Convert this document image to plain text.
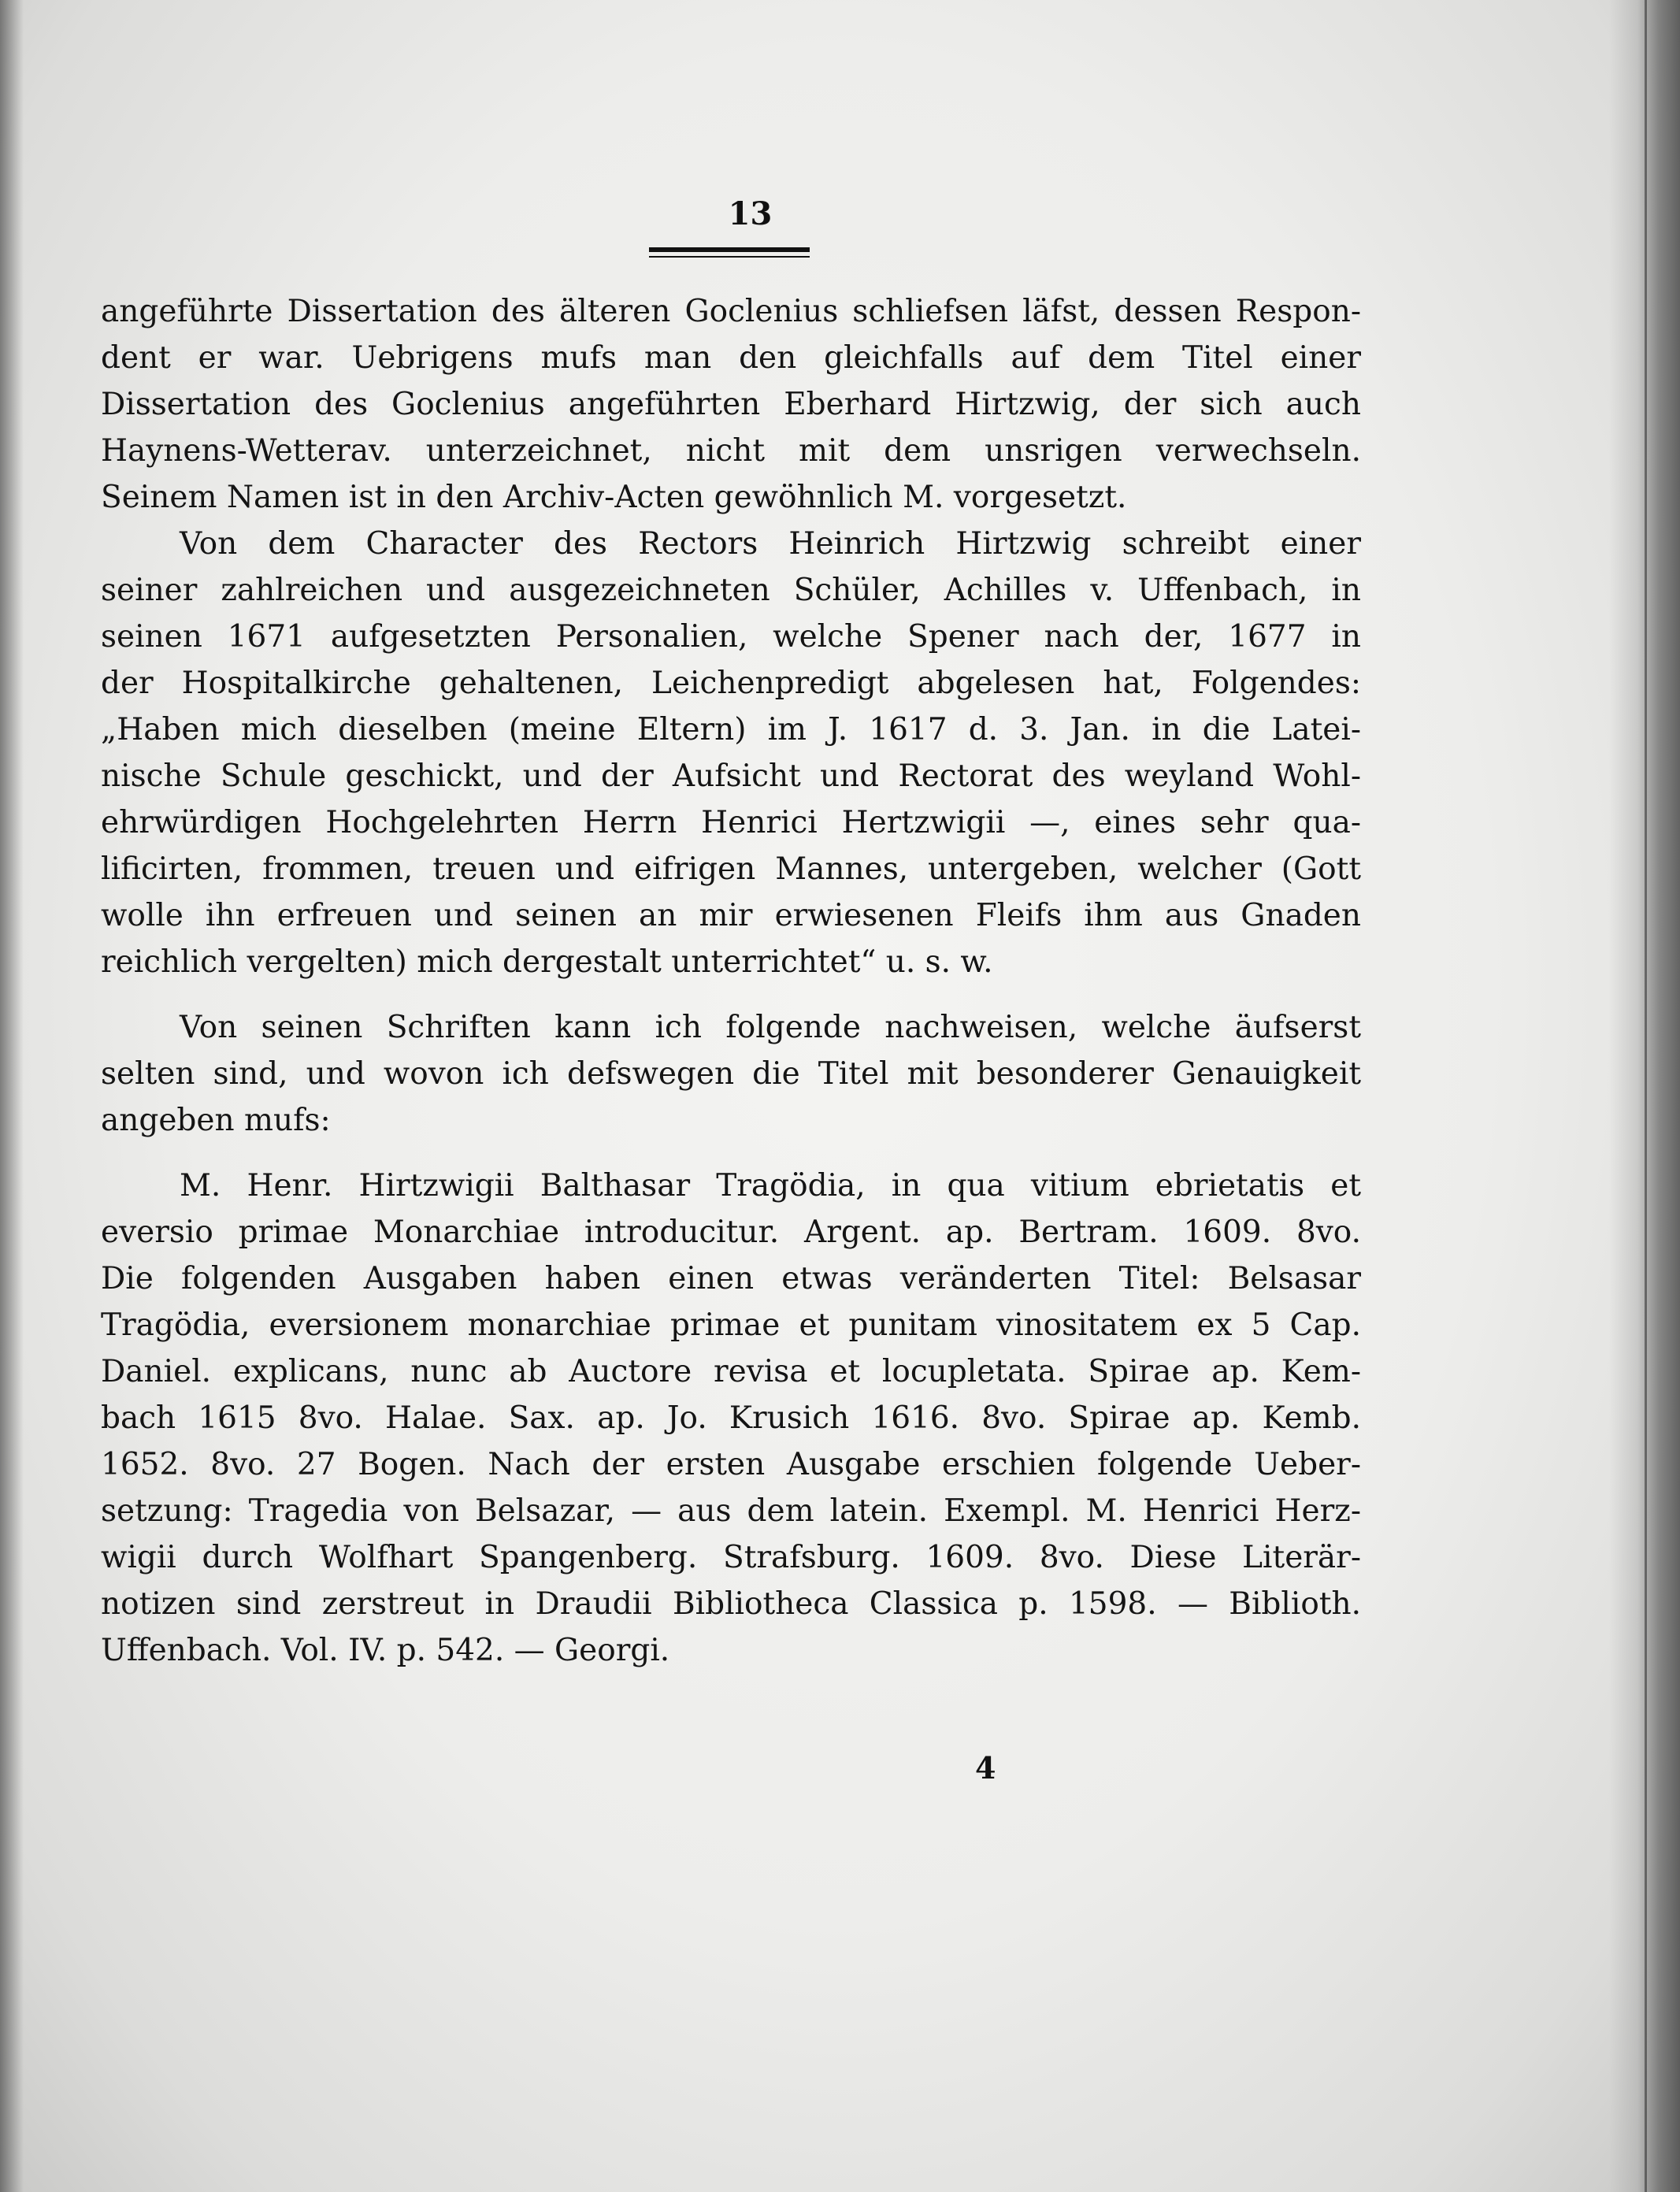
13
angeführte Dissertation des älteren Goclenius schliefsen läfst, dessen Respon-
dent er war. Uebrigens mufs man den gleichfalls auf dem Titel einer
Dissertation des Goclenius angeführten Eberhard Hirtzwig, der sich auch
Haynens-Wetterav. unterzeichnet, nicht mit dem unsrigen verwechseln.
Seinem Namen ist in den Archiv-Acten gewöhnlich M. vorgesetzt.
Von dem Character des Rectors Heinrich Hirtzwig schreibt einer
seiner zahlreichen und ausgezeichneten Schüler, Achilles v. Uffenbach, in
seinen 1671 aufgesetzten Personalien, welche Spener nach der, 1677 in
der Hospitalkirche gehaltenen, Leichenpredigt abgelesen hat, Folgendes:
„Haben mich dieselben (meine Eltern) im J. 1617 d. 3. Jan. in die Latei-
nische Schule geschickt, und der Aufsicht und Rectorat des weyland Wohl-
ehrwürdigen Hochgelehrten Herrn Henrici Hertzwigii —, eines sehr qua-
lificirten, frommen, treuen und eifrigen Mannes, untergeben, welcher (Gott
wolle ihn erfreuen und seinen an mir erwiesenen Fleifs ihm aus Gnaden
reichlich vergelten) mich dergestalt unterrichtet“ u. s. w.
Von seinen Schriften kann ich folgende nachweisen, welche äufserst
selten sind, und wovon ich defswegen die Titel mit besonderer Genauigkeit
angeben mufs:
M. Henr. Hirtzwigii Balthasar Tragödia, in qua vitium ebrietatis et
eversio primae Monarchiae introducitur. Argent. ap. Bertram. 1609. 8vo.
Die folgenden Ausgaben haben einen etwas veränderten Titel: Belsasar
Tragödia, eversionem monarchiae primae et punitam vinositatem ex 5 Cap.
Daniel. explicans, nunc ab Auctore revisa et locupletata. Spirae ap. Kem-
bach 1615 8vo. Halae. Sax. ap. Jo. Krusich 1616. 8vo. Spirae ap. Kemb.
1652. 8vo. 27 Bogen. Nach der ersten Ausgabe erschien folgende Ueber-
setzung: Tragedia von Belsazar, — aus dem latein. Exempl. M. Henrici Herz-
wigii durch Wolfhart Spangenberg. Strafsburg. 1609. 8vo. Diese Literär-
notizen sind zerstreut in Draudii Bibliotheca Classica p. 1598. — Biblioth.
Uffenbach. Vol. IV. p. 542. — Georgi.
4
